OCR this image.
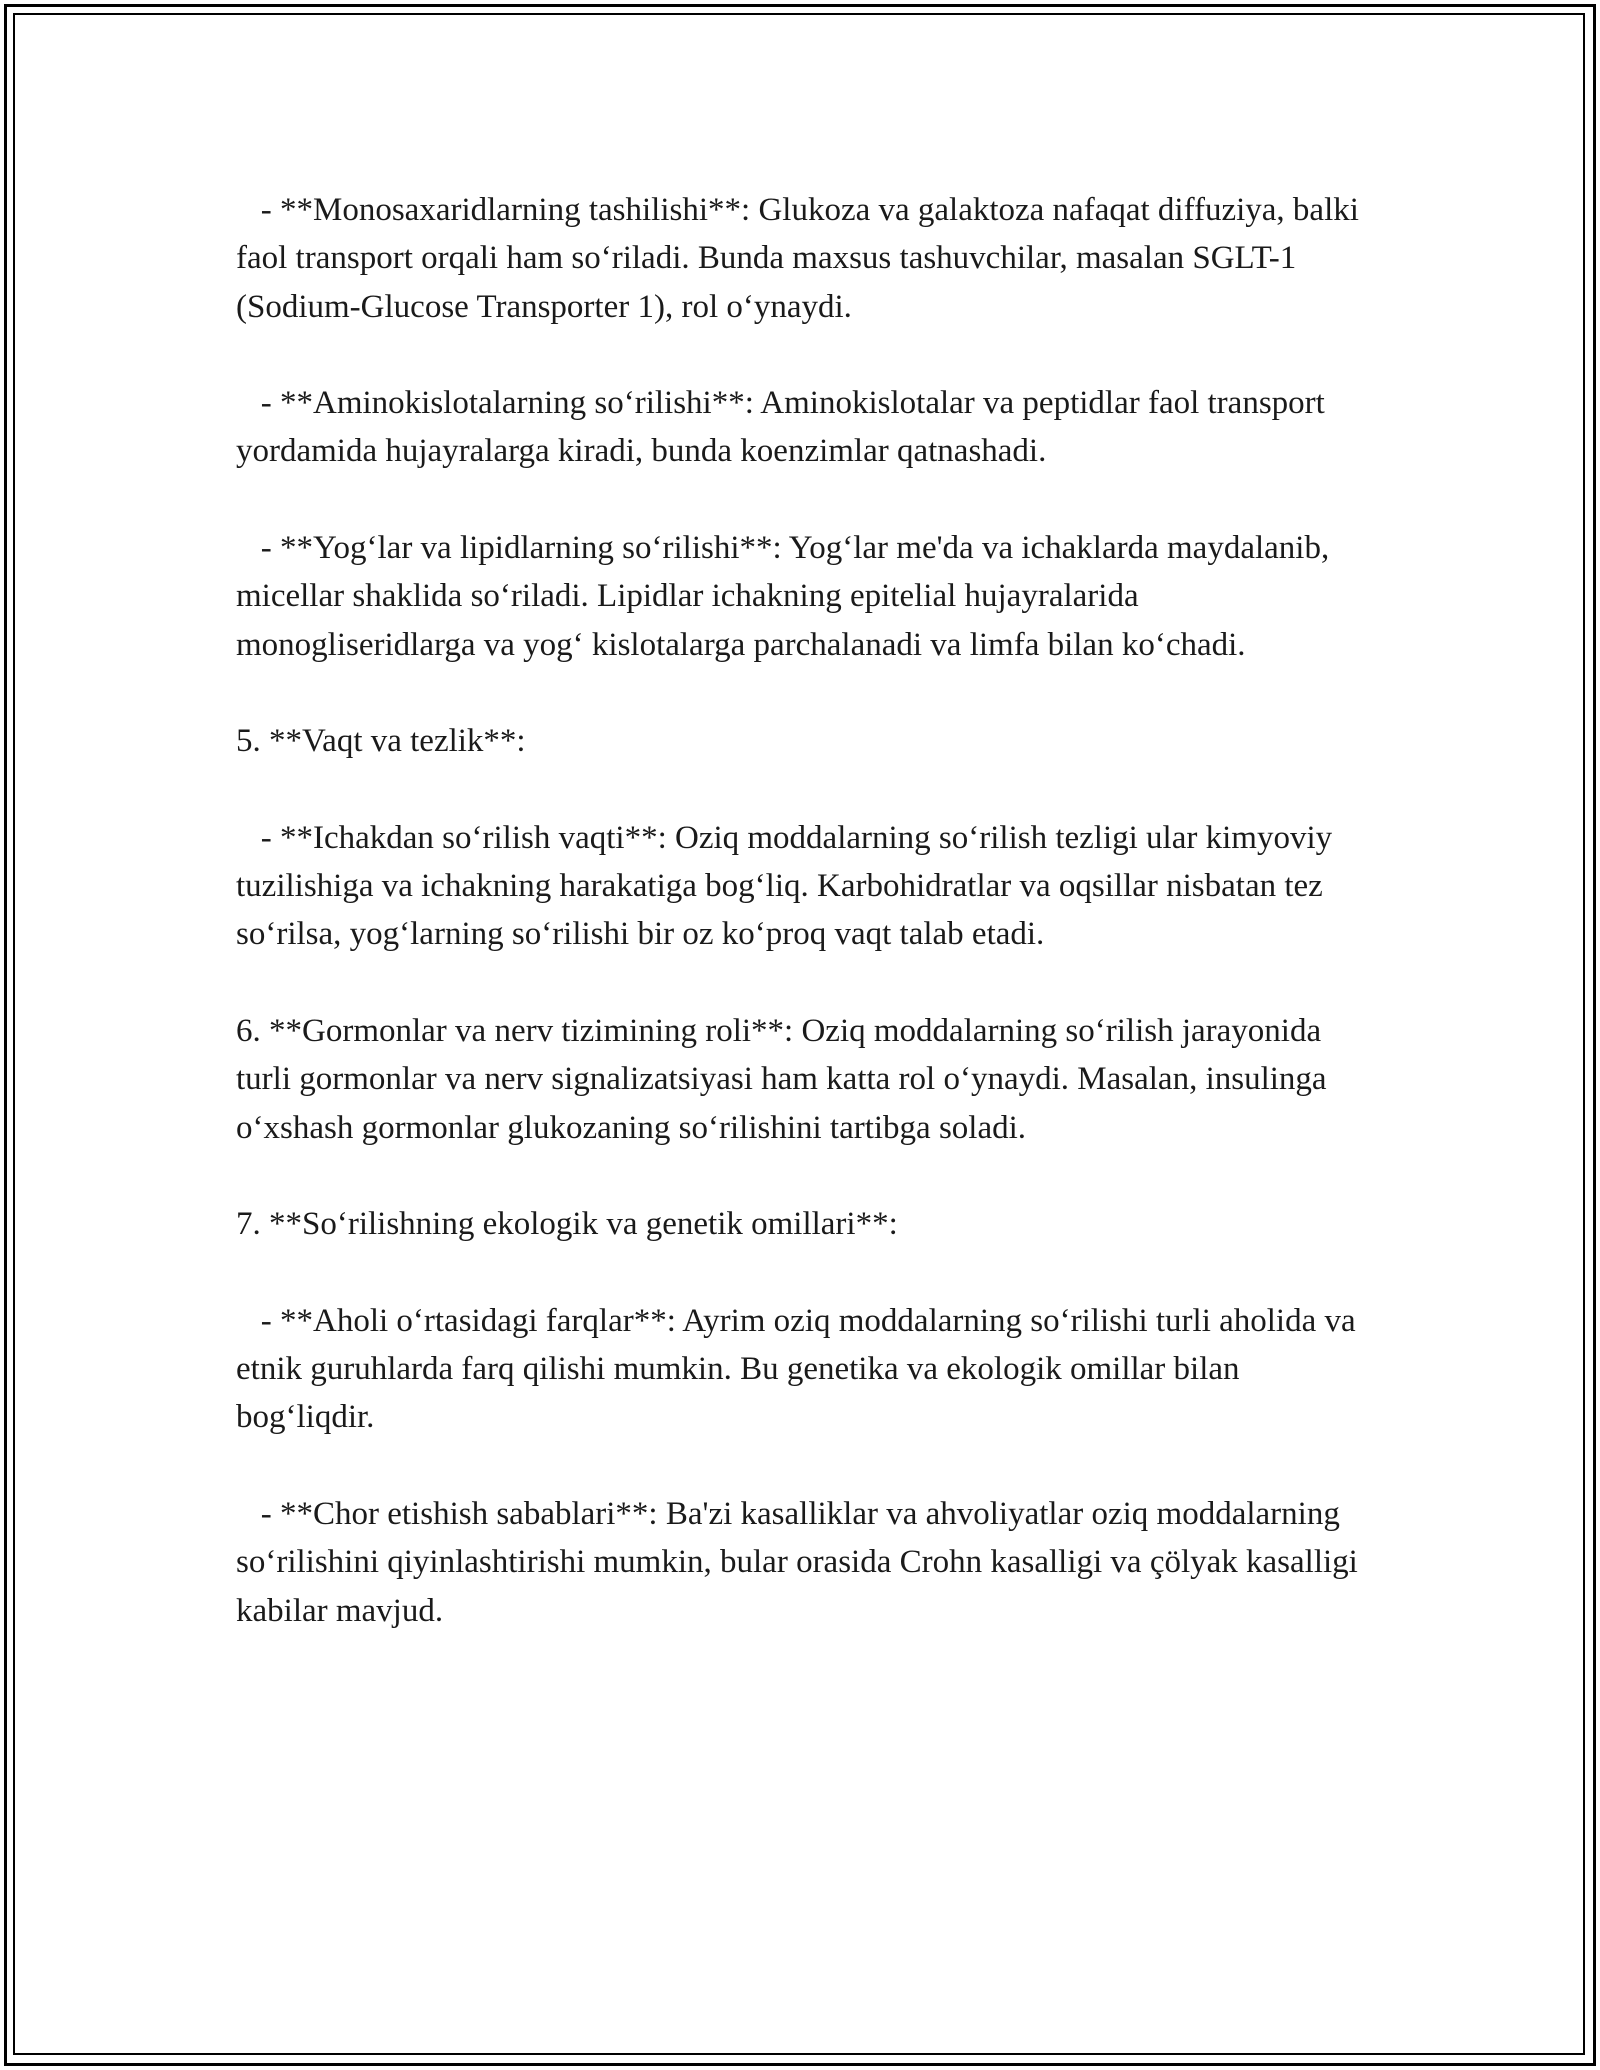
- **Monosaxaridlarning tashilishi**: Glukoza va galaktoza nafaqat diffuziya, balki faol transport orqali ham so‘riladi. Bunda maxsus tashuvchilar, masalan SGLT-1 (Sodium-Glucose Transporter 1), rol o‘ynaydi.

- **Aminokislotalarning so‘rilishi**: Aminokislotalar va peptidlar faol transport yordamida hujayralarga kiradi, bunda koenzimlar qatnashadi.

- **Yog‘lar va lipidlarning so‘rilishi**: Yog‘lar me'da va ichaklarda maydalanib, micellar shaklida so‘riladi. Lipidlar ichakning epitelial hujayralarida monogliseridlarga va yog‘ kislotalarga parchalanadi va limfa bilan ko‘chadi.

5. **Vaqt va tezlik**:

- **Ichakdan so‘rilish vaqti**: Oziq moddalarning so‘rilish tezligi ular kimyoviy tuzilishiga va ichakning harakatiga bog‘liq. Karbohidratlar va oqsillar nisbatan tez so‘rilsa, yog‘larning so‘rilishi bir oz ko‘proq vaqt talab etadi.

6. **Gormonlar va nerv tizimining roli**: Oziq moddalarning so‘rilish jarayonida turli gormonlar va nerv signalizatsiyasi ham katta rol o‘ynaydi. Masalan, insulinga o‘xshash gormonlar glukozaning so‘rilishini tartibga soladi.

7. **So‘rilishning ekologik va genetik omillari**:

- **Aholi o‘rtasidagi farqlar**: Ayrim oziq moddalarning so‘rilishi turli aholida va etnik guruhlarda farq qilishi mumkin. Bu genetika va ekologik omillar bilan bog‘liqdir.

- **Chor etishish sabablari**: Ba'zi kasalliklar va ahvoliyatlar oziq moddalarning so‘rilishini qiyinlashtirishi mumkin, bular orasida Crohn kasalligi va çölyak kasalligi kabilar mavjud.
